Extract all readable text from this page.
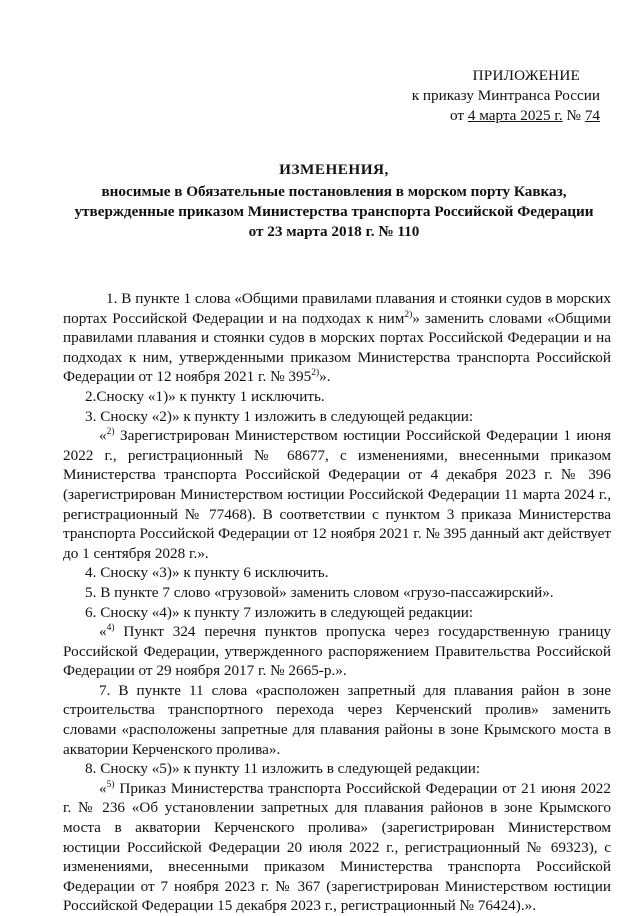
ПРИЛОЖЕНИЕ
к приказу Минтранса России
от 4 марта 2025 г. № 74
ИЗМЕНЕНИЯ,
вносимые в Обязательные постановления в морском порту Кавказ,
утвержденные приказом Министерства транспорта Российской Федерации
от 23 марта 2018 г. № 110

1. В пункте 1 слова «Общими правилами плавания и стоянки судов в морских портах Российской Федерации и на подходах к ним$^{2)}$» заменить словами «Общими правилами плавания и стоянки судов в морских портах Российской Федерации и на подходах к ним, утвержденными приказом Министерства транспорта Российской Федерации от 12 ноября 2021 г. № 395$^{2)}$».

2.Сноску «1)» к пункту 1 исключить.

3. Сноску «2)» к пункту 1 изложить в следующей редакции:

«$^{2)}$ Зарегистрирован Министерством юстиции Российской Федерации 1 июня 2022 г., регистрационный № 68677, с изменениями, внесенными приказом Министерства транспорта Российской Федерации от 4 декабря 2023 г. № 396 (зарегистрирован Министерством юстиции Российской Федерации 11 марта 2024 г., регистрационный № 77468). В соответствии с пунктом 3 приказа Министерства транспорта Российской Федерации от 12 ноября 2021 г. № 395 данный акт действует до 1 сентября 2028 г.».

4. Сноску «3)» к пункту 6 исключить.

5. В пункте 7 слово «грузовой» заменить словом «грузо-пассажирский».

6. Сноску «4)» к пункту 7 изложить в следующей редакции:

«$^{4)}$ Пункт 324 перечня пунктов пропуска через государственную границу Российской Федерации, утвержденного распоряжением Правительства Российской Федерации от 29 ноября 2017 г. № 2665-р.».

7. В пункте 11 слова «расположен запретный для плавания район в зоне строительства транспортного перехода через Керченский пролив» заменить словами «расположены запретные для плавания районы в зоне Крымского моста в акватории Керченского пролива».

8. Сноску «5)» к пункту 11 изложить в следующей редакции:

«$^{5)}$ Приказ Министерства транспорта Российской Федерации от 21 июня 2022 г. № 236 «Об установлении запретных для плавания районов в зоне Крымского моста в акватории Керченского пролива» (зарегистрирован Министерством юстиции Российской Федерации 20 июля 2022 г., регистрационный № 69323), с изменениями, внесенными приказом Министерства транспорта Российской Федерации от 7 ноября 2023 г. № 367 (зарегистрирован Министерством юстиции Российской Федерации 15 декабря 2023 г., регистрационный № 76424).».
